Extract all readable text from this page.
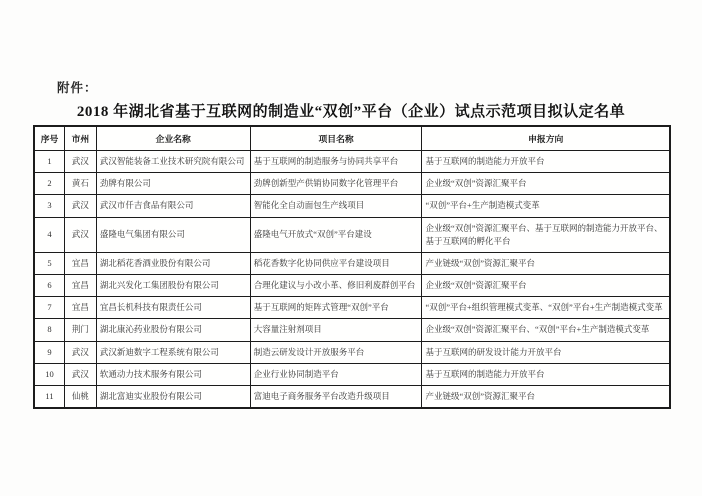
附件：
2018 年湖北省基于互联网的制造业“双创”平台（企业）试点示范项目拟认定名单
序号	市州	企业名称	项目名称	申报方向
1	武汉	武汉智能装备工业技术研究院有限公司	基于互联网的制造服务与协同共享平台	基于互联网的制造能力开放平台
2	黄石	劲牌有限公司	劲牌创新型产供销协同数字化管理平台	企业级“双创”资源汇聚平台
3	武汉	武汉市仟吉食品有限公司	智能化全自动面包生产线项目	“双创”平台+生产制造模式变革
4	武汉	盛隆电气集团有限公司	盛隆电气开放式“双创”平台建设	企业级“双创”资源汇聚平台、基于互联网的制造能力开放平台、基于互联网的孵化平台
5	宜昌	湖北稻花香酒业股份有限公司	稻花香数字化协同供应平台建设项目	产业链级“双创”资源汇聚平台
6	宜昌	湖北兴发化工集团股份有限公司	合理化建议与小改小革、修旧利废群创平台	企业级“双创”资源汇聚平台
7	宜昌	宜昌长机科技有限责任公司	基于互联网的矩阵式管理“双创”平台	“双创”平台+组织管理模式变革、“双创”平台+生产制造模式变革
8	荆门	湖北康沁药业股份有限公司	大容量注射剂项目	企业级“双创”资源汇聚平台、“双创”平台+生产制造模式变革
9	武汉	武汉新迪数字工程系统有限公司	制造云研发设计开放服务平台	基于互联网的研发设计能力开放平台
10	武汉	软通动力技术服务有限公司	企业行业协同制造平台	基于互联网的制造能力开放平台
11	仙桃	湖北富迪实业股份有限公司	富迪电子商务服务平台改造升级项目	产业链级“双创”资源汇聚平台
